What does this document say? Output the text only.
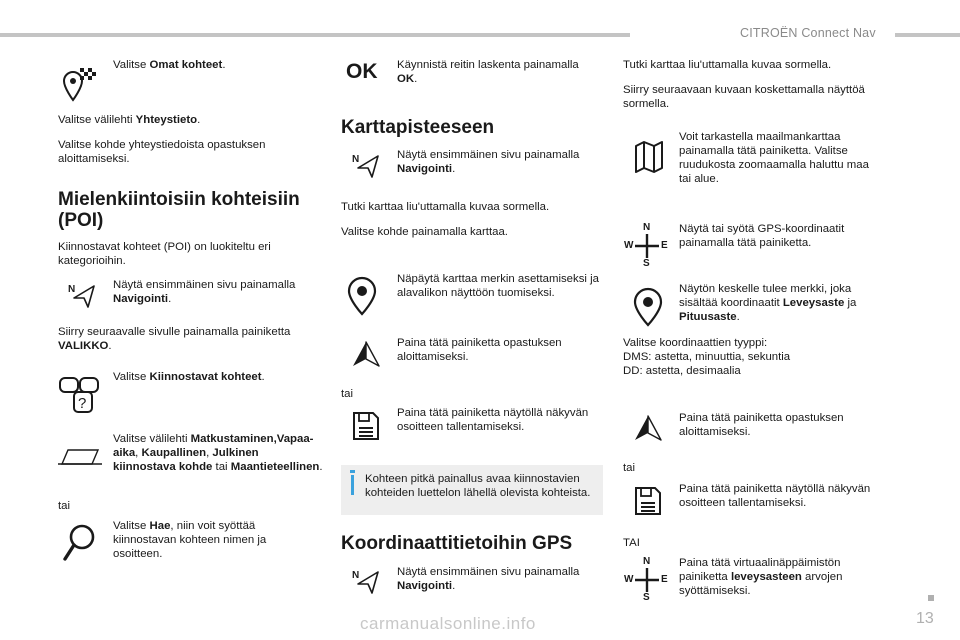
CITROËN Connect Nav

Valitse Omat kohteet.

Valitse välilehti Yhteystieto.

Valitse kohde yhteystiedoista opastuksen aloittamiseksi.

Mielenkiintoisiin kohteisiin (POI)

Kiinnostavat kohteet (POI) on luokiteltu eri kategorioihin.

N	Näytä ensimmäinen sivu painamalla Navigointi.

Siirry seuraavalle sivulle painamalla painiketta VALIKKO.

?

Valitse Kiinnostavat kohteet.

Valitse välilehti Matkustaminen,Vapaa-aika, Kaupallinen, Julkinen kiinnostava kohde tai Maantieteellinen.

tai

Valitse Hae, niin voit syöttää kiinnostavan kohteen nimen ja osoitteen.

OK Käynnistä reitin laskenta painamalla OK.

Karttapisteeseen
N	Näytä ensimmäinen sivu painamalla Navigointi.

Tutki karttaa liu'uttamalla kuvaa sormella.

Valitse kohde painamalla karttaa.

Näpäytä karttaa merkin asettamiseksi ja alavalikon näyttöön tuomiseksi.

Paina tätä painiketta opastuksen aloittamiseksi.

tai

Paina tätä painiketta näytöllä näkyvän osoitteen tallentamiseksi.

Kohteen pitkä painallus avaa kiinnostavien kohteiden luettelon lähellä olevista kohteista.

Koordinaattitietoihin GPS
N	Näytä ensimmäinen sivu painamalla Navigointi.

Tutki karttaa liu'uttamalla kuvaa sormella.

Siirry seuraavaan kuvaan koskettamalla näyttöä sormella.

Voit tarkastella maailmankarttaa painamalla tätä painiketta. Valitse ruudukosta zoomaamalla haluttu maa tai alue.

N
S
W	E

Näytä tai syötä GPS-koordinaatit painamalla tätä painiketta.

Näytön keskelle tulee merkki, joka sisältää koordinaatit Leveysaste ja Pituusaste.

Valitse koordinaattien tyyppi:

DMS: astetta, minuuttia, sekuntia

DD: astetta, desimaalia

Paina tätä painiketta opastuksen aloittamiseksi.

tai

Paina tätä painiketta näytöllä näkyvän osoitteen tallentamiseksi.

TAI

N
S
W	E

Paina tätä virtuaalinäppäimistön painiketta leveysasteen arvojen syöttämiseksi.

13
carmanualsonline.info
